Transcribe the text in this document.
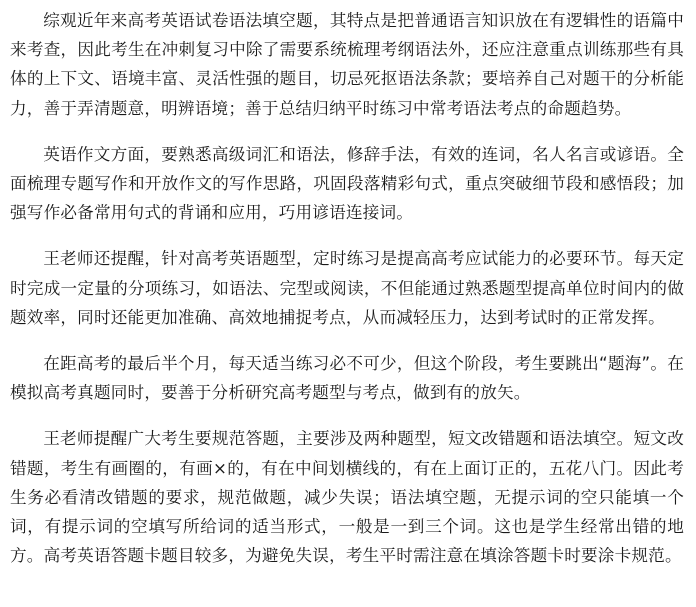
综观近年来高考英语试卷语法填空题，其特点是把普通语言知识放在有逻辑性的语篇中来考查，因此考生在冲刺复习中除了需要系统梳理考纲语法外，还应注意重点训练那些有具体的上下文、语境丰富、灵活性强的题目，切忌死抠语法条款；要培养自己对题干的分析能力，善于弄清题意，明辨语境；善于总结归纳平时练习中常考语法考点的命题趋势。

英语作文方面，要熟悉高级词汇和语法，修辞手法，有效的连词，名人名言或谚语。全面梳理专题写作和开放作文的写作思路，巩固段落精彩句式，重点突破细节段和感悟段；加强写作必备常用句式的背诵和应用，巧用谚语连接词。

王老师还提醒，针对高考英语题型，定时练习是提高高考应试能力的必要环节。每天定时完成一定量的分项练习，如语法、完型或阅读，不但能通过熟悉题型提高单位时间内的做题效率，同时还能更加准确、高效地捕捉考点，从而减轻压力，达到考试时的正常发挥。

在距高考的最后半个月，每天适当练习必不可少，但这个阶段，考生要跳出“题海”。在模拟高考真题同时，要善于分析研究高考题型与考点，做到有的放矢。

王老师提醒广大考生要规范答题，主要涉及两种题型，短文改错题和语法填空。短文改错题，考生有画圈的，有画×的，有在中间划横线的，有在上面订正的，五花八门。因此考生务必看清改错题的要求，规范做题，减少失误；语法填空题，无提示词的空只能填一个词，有提示词的空填写所给词的适当形式，一般是一到三个词。这也是学生经常出错的地方。高考英语答题卡题目较多，为避免失误，考生平时需注意在填涂答题卡时要涂卡规范。
